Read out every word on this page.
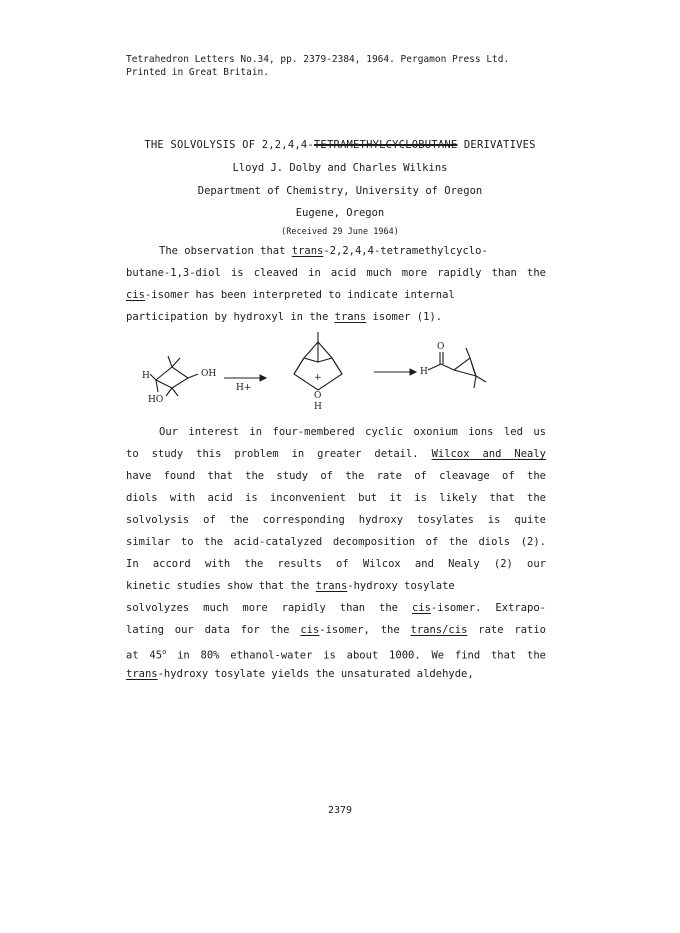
Tetrahedron Letters No.34, pp. 2379-2384, 1964. Pergamon Press Ltd.
Printed in Great Britain.
THE SOLVOLYSIS OF 2,2,4,4-TETRAMETHYLCYCLOBUTANE DERIVATIVES
Lloyd J. Dolby and Charles Wilkins
Department of Chemistry, University of Oregon
Eugene, Oregon
(Received 29 June 1964)
The observation that trans-2,2,4,4-tetramethylcyclo-
butane-1,3-diol is cleaved in acid much more rapidly than the
cis-isomer has been interpreted to indicate internal
participation by hydroxyl in the trans isomer (1).
OH
H
HO
H+
+
O
H
O
H
Our interest in four-membered cyclic oxonium ions led us
to study this problem in greater detail. Wilcox and Nealy
have found that the study of the rate of cleavage of the
diols with acid is inconvenient but it is likely that the
solvolysis of the corresponding hydroxy tosylates is quite
similar to the acid-catalyzed decomposition of the diols (2).
In accord with the results of Wilcox and Nealy (2) our
kinetic studies show that the trans-hydroxy tosylate
solvolyzes much more rapidly than the cis-isomer. Extrapo-
lating our data for the cis-isomer, the trans/cis rate ratio
at 45$^o$ in 80% ethanol-water is about 1000. We find that the
trans-hydroxy tosylate yields the unsaturated aldehyde,
2379
